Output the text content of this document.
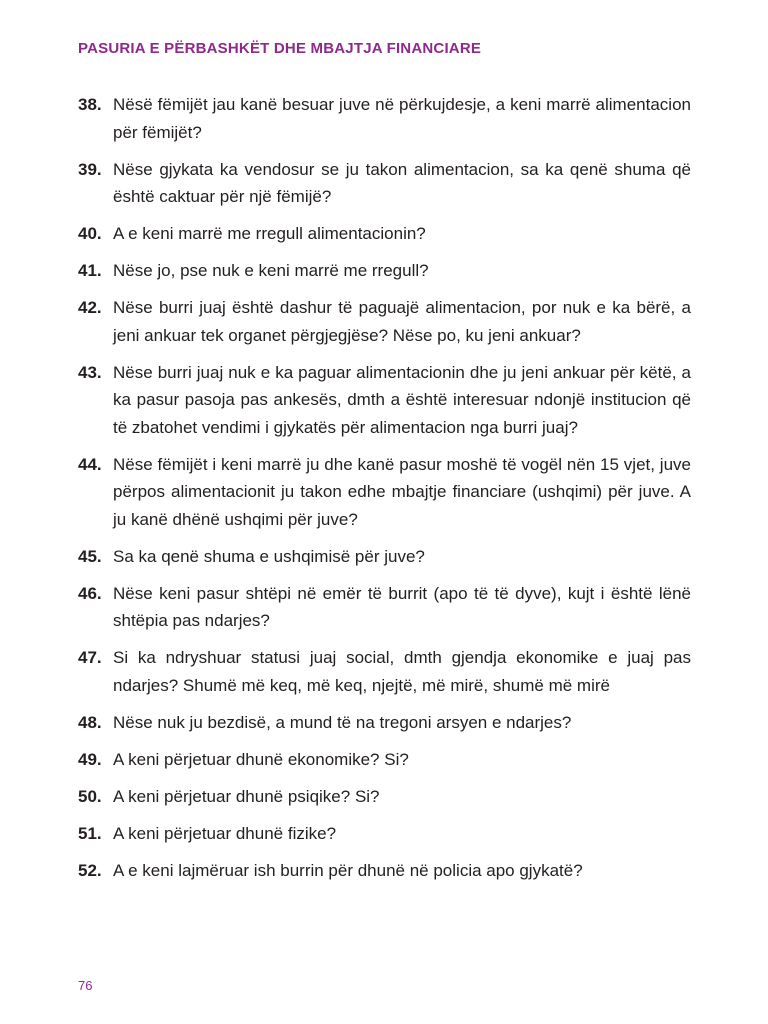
PASURIA E PËRBASHKËT DHE MBAJTJA FINANCIARE
38. Nësë fëmijët jau kanë besuar juve në përkujdesje, a keni marrë alimentacion për fëmijët?
39. Nëse gjykata ka vendosur se ju takon alimentacion, sa ka qenë shuma që është caktuar për një fëmijë?
40. A e keni marrë me rregull alimentacionin?
41. Nëse jo, pse nuk e keni marrë me rregull?
42. Nëse burri juaj është dashur të paguajë alimentacion, por nuk e ka bërë, a jeni ankuar tek organet përgjegjëse? Nëse po, ku jeni ankuar?
43. Nëse burri juaj nuk e ka paguar alimentacionin dhe ju jeni ankuar për këtë, a ka pasur pasoja pas ankesës, dmth a është interesuar ndonjë institucion që të zbatohet vendimi i gjykatës për alimentacion nga burri juaj?
44. Nëse fëmijët i keni marrë ju dhe kanë pasur moshë të vogël nën 15 vjet, juve përpos alimentacionit ju takon edhe mbajtje financiare (ushqimi) për juve. A ju kanë dhënë ushqimi për juve?
45. Sa ka qenë shuma e ushqimisë për juve?
46. Nëse keni pasur shtëpi në emër të burrit (apo të të dyve), kujt i është lënë shtëpia pas ndarjes?
47. Si ka ndryshuar statusi juaj social, dmth gjendja ekonomike e juaj pas ndarjes? Shumë më keq, më keq, njejtë, më mirë, shumë më mirë
48. Nëse nuk ju bezdisë, a mund të na tregoni arsyen e ndarjes?
49. A keni përjetuar dhunë ekonomike? Si?
50. A keni përjetuar dhunë psiqike? Si?
51. A keni përjetuar dhunë fizike?
52. A e keni lajmëruar ish burrin për dhunë në policia apo gjykatë?
76
